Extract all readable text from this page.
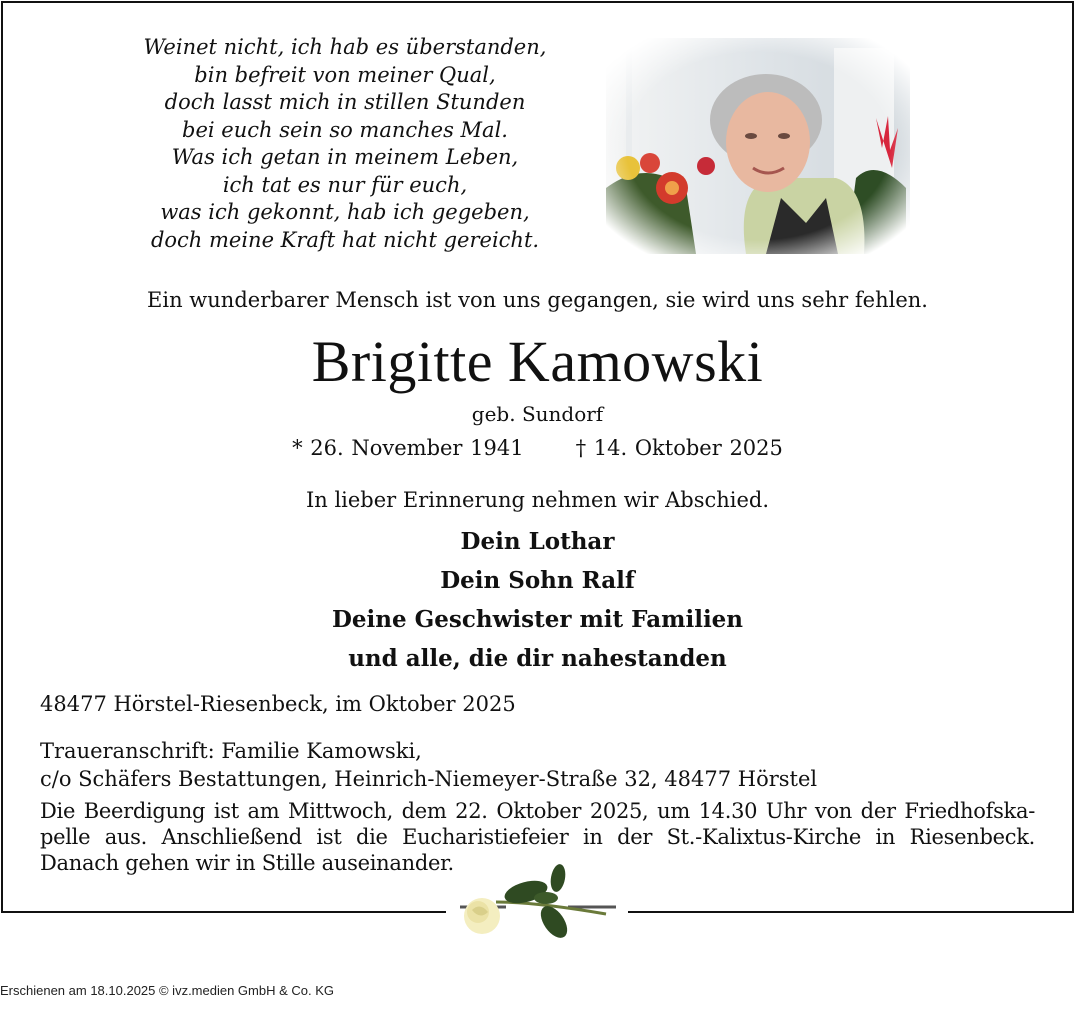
Weinet nicht, ich hab es überstanden,
bin befreit von meiner Qual,
doch lasst mich in stillen Stunden
bei euch sein so manches Mal.
Was ich getan in meinem Leben,
ich tat es nur für euch,
was ich gekonnt, hab ich gegeben,
doch meine Kraft hat nicht gereicht.
Ein wunderbarer Mensch ist von uns gegangen, sie wird uns sehr fehlen.
Brigitte Kamowski
geb. Sundorf
* 26. November 1941 † 14. Oktober 2025
In lieber Erinnerung nehmen wir Abschied.
Dein Lothar
Dein Sohn Ralf
Deine Geschwister mit Familien
und alle, die dir nahestanden
48477 Hörstel-Riesenbeck, im Oktober 2025
Traueranschrift: Familie Kamowski,
c/o Schäfers Bestattungen, Heinrich-Niemeyer-Straße 32, 48477 Hörstel
Die Beerdigung ist am Mittwoch, dem 22. Oktober 2025, um 14.30 Uhr von der Friedhofska- pelle aus. Anschließend ist die Eucharistiefeier in der St.-Kalixtus-Kirche in Riesenbeck. Danach gehen wir in Stille auseinander.
Erschienen am 18.10.2025 © ivz.medien GmbH & Co. KG
